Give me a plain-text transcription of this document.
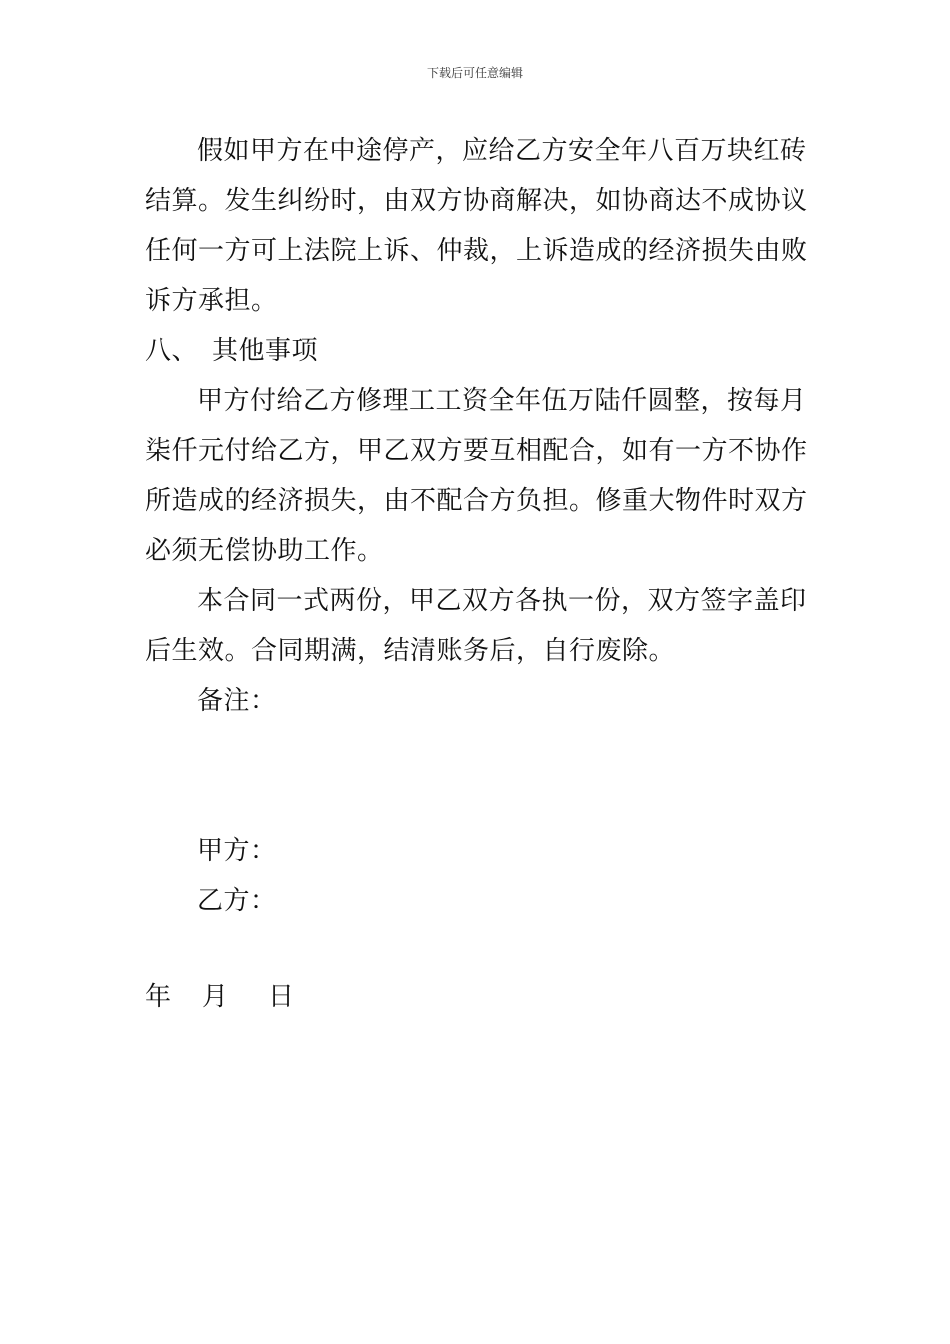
下载后可任意编辑
假如甲方在中途停产，应给乙方安全年八百万块红砖
结算。发生纠纷时，由双方协商解决，如协商达不成协议
任何一方可上法院上诉、仲裁，上诉造成的经济损失由败
诉方承担。
八、 其他事项
甲方付给乙方修理工工资全年伍万陆仟圆整，按每月
柒仟元付给乙方，甲乙双方要互相配合，如有一方不协作
所造成的经济损失，由不配合方负担。修重大物件时双方
必须无偿协助工作。
本合同一式两份，甲乙双方各执一份，双方签字盖印
后生效。合同期满，结清账务后，自行废除。
备注：
甲方：
乙方：
年 月 日
